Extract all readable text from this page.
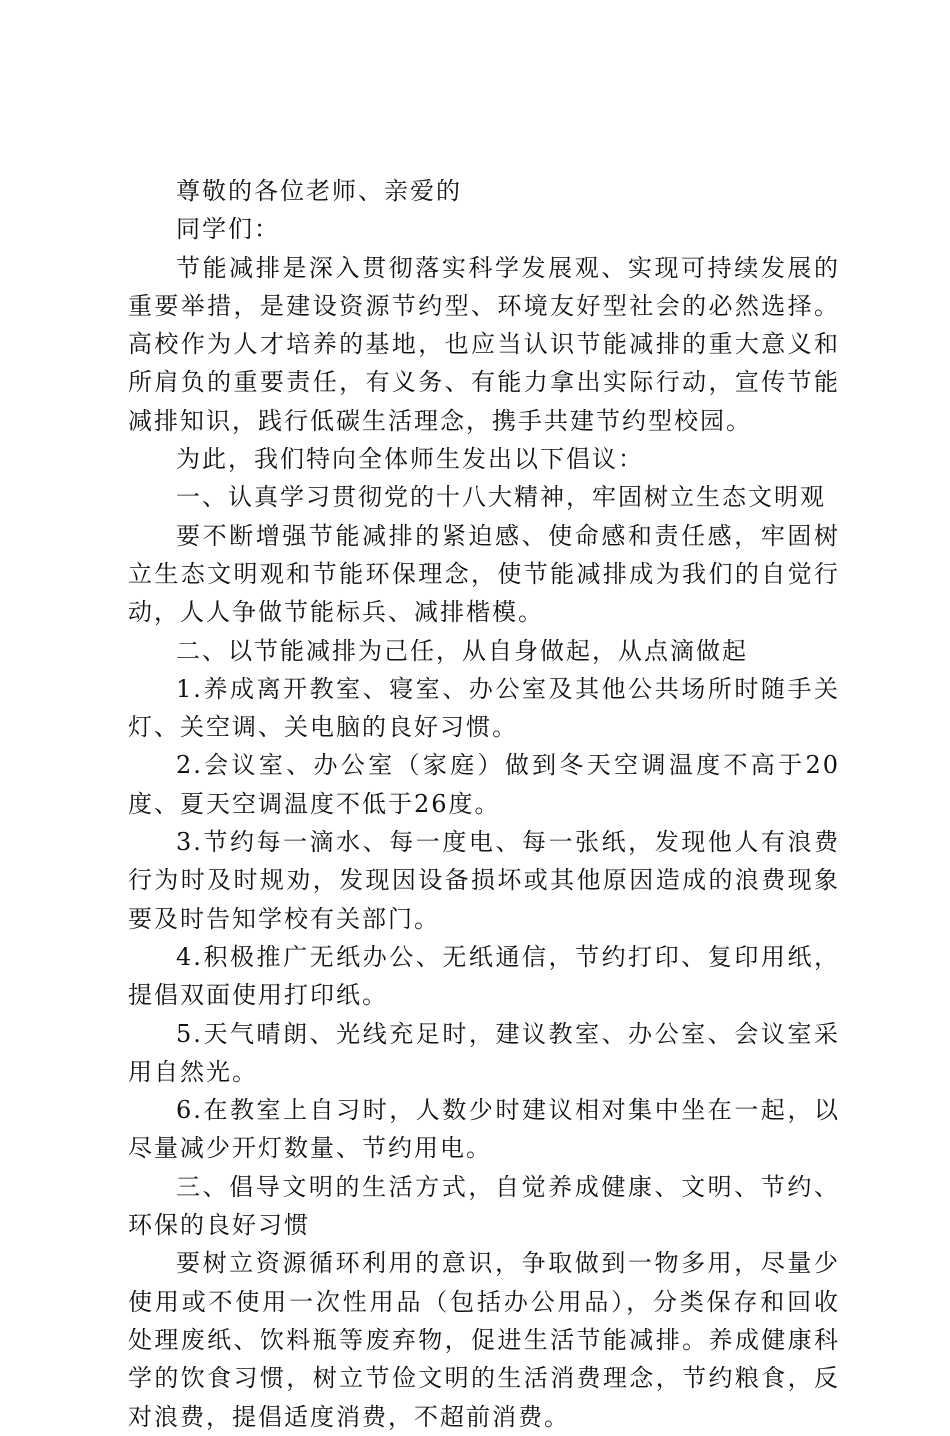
尊敬的各位老师、亲爱的

同学们：

节能减排是深入贯彻落实科学发展观、实现可持续发展的重要举措，是建设资源节约型、环境友好型社会的必然选择。高校作为人才培养的基地，也应当认识节能减排的重大意义和所肩负的重要责任，有义务、有能力拿出实际行动，宣传节能减排知识，践行低碳生活理念，携手共建节约型校园。

为此，我们特向全体师生发出以下倡议：

一、认真学习贯彻党的十八大精神，牢固树立生态文明观

要不断增强节能减排的紧迫感、使命感和责任感，牢固树立生态文明观和节能环保理念，使节能减排成为我们的自觉行动，人人争做节能标兵、减排楷模。

二、以节能减排为己任，从自身做起，从点滴做起

1.养成离开教室、寝室、办公室及其他公共场所时随手关灯、关空调、关电脑的良好习惯。

2.会议室、办公室（家庭）做到冬天空调温度不高于20度、夏天空调温度不低于26度。

3.节约每一滴水、每一度电、每一张纸，发现他人有浪费行为时及时规劝，发现因设备损坏或其他原因造成的浪费现象要及时告知学校有关部门。

4.积极推广无纸办公、无纸通信，节约打印、复印用纸，提倡双面使用打印纸。

5.天气晴朗、光线充足时，建议教室、办公室、会议室采用自然光。

6.在教室上自习时，人数少时建议相对集中坐在一起，以尽量减少开灯数量、节约用电。

三、倡导文明的生活方式，自觉养成健康、文明、节约、环保的良好习惯

要树立资源循环利用的意识，争取做到一物多用，尽量少使用或不使用一次性用品（包括办公用品），分类保存和回收处理废纸、饮料瓶等废弃物，促进生活节能减排。养成健康科学的饮食习惯，树立节俭文明的生活消费理念，节约粮食，反对浪费，提倡适度消费，不超前消费。
